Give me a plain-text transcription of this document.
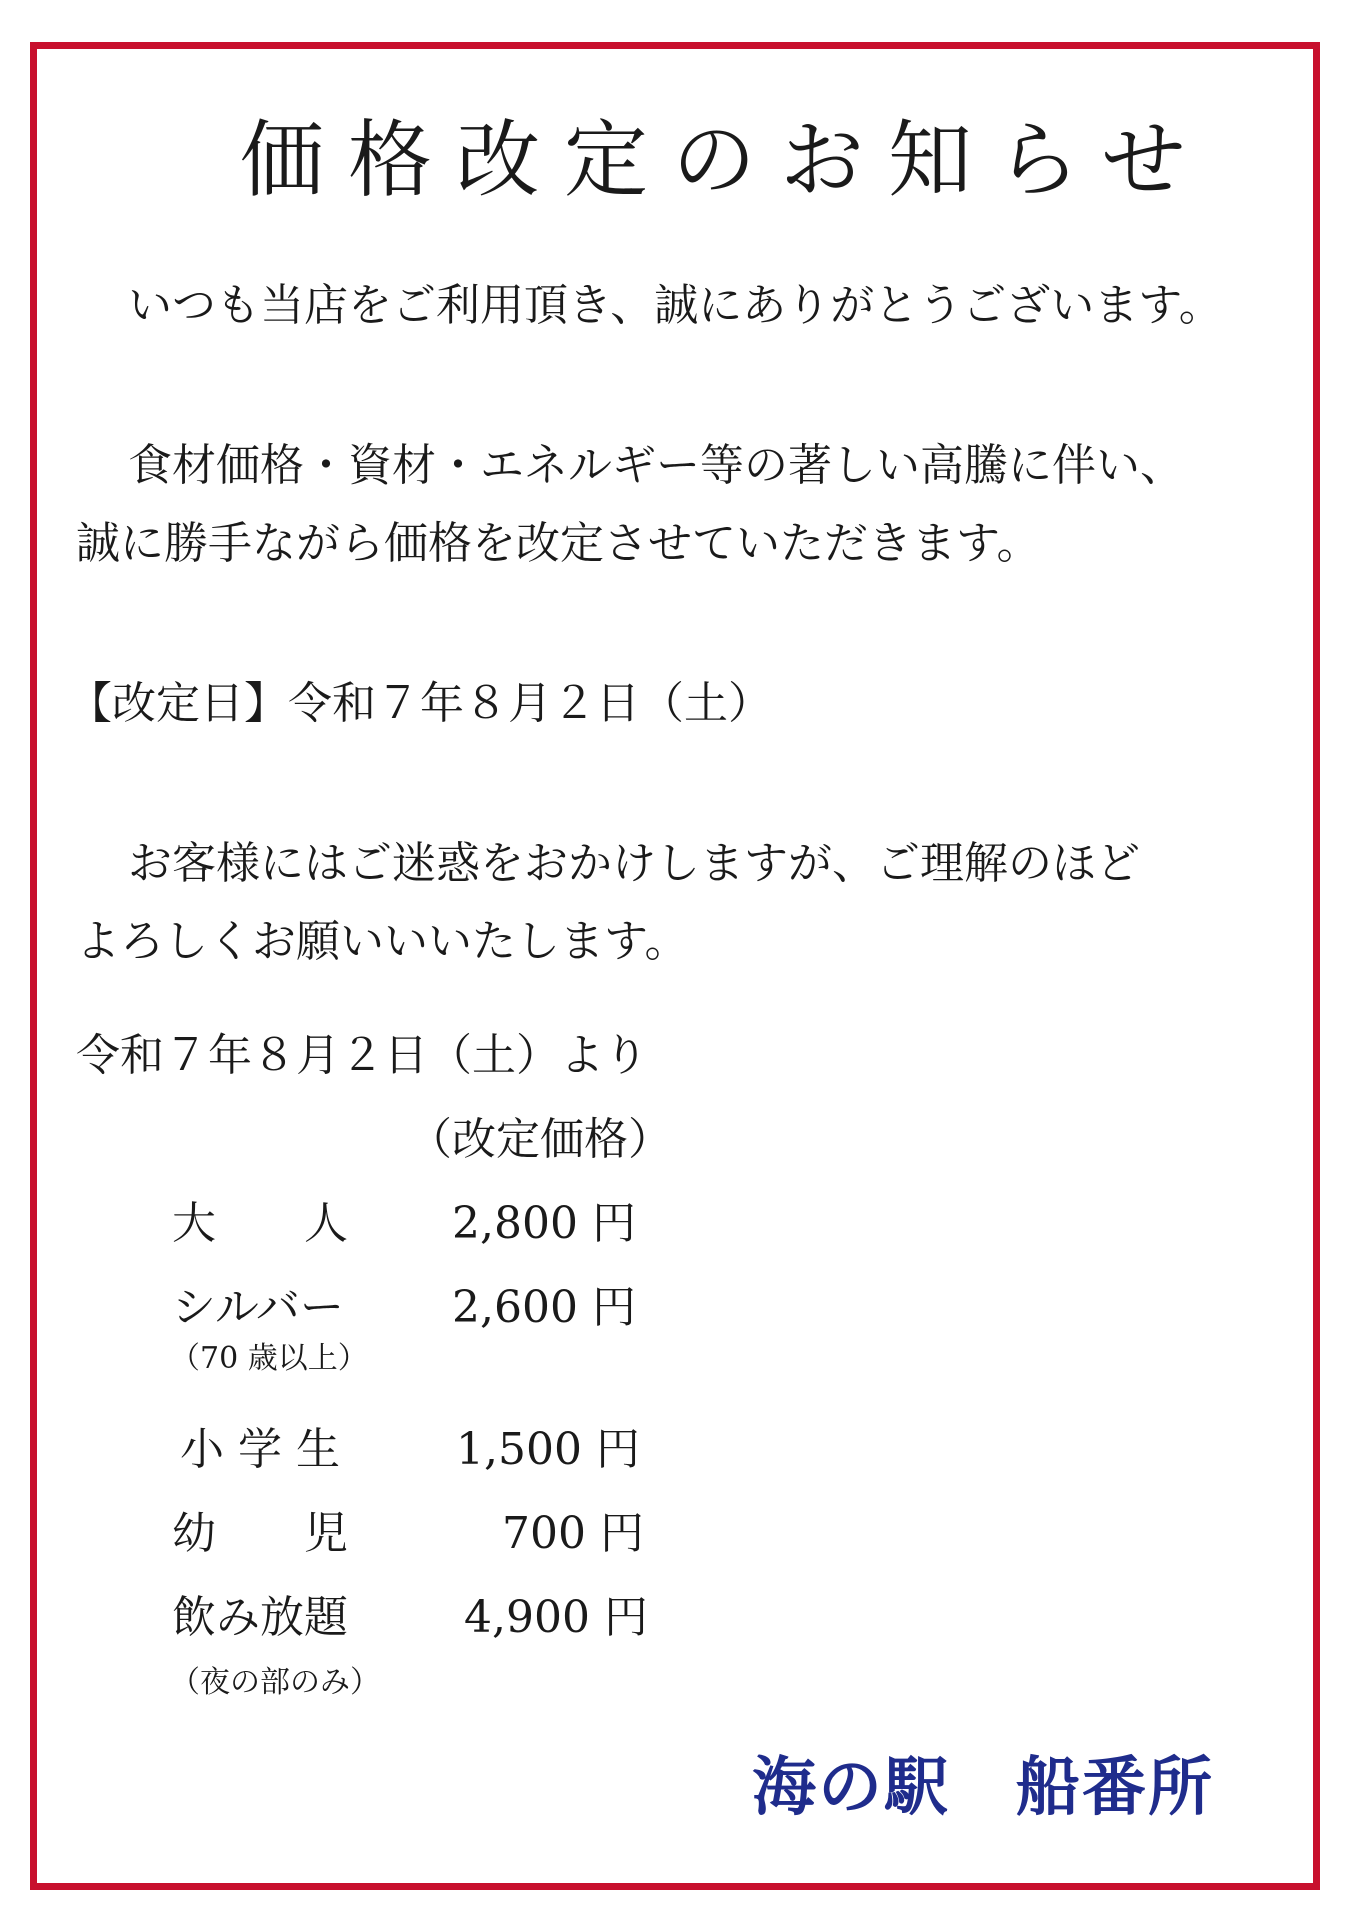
価格改定のお知らせ
いつも当店をご利用頂き、誠にありがとうございます。
食材価格・資材・エネルギー等の著しい高騰に伴い、
誠に勝手ながら価格を改定させていただきます。
【改定日】令和７年８月２日（土）
お客様にはご迷惑をおかけしますが、ご理解のほど
よろしくお願いいいたします。
令和７年８月２日（土）より
（改定価格）
大　　人	2,800 円
シルバー	2,600 円
（70 歳以上）
小 学 生	1,500 円
幼　　児	700 円
飲み放題	4,900 円
（夜の部のみ）
海の駅　船番所
